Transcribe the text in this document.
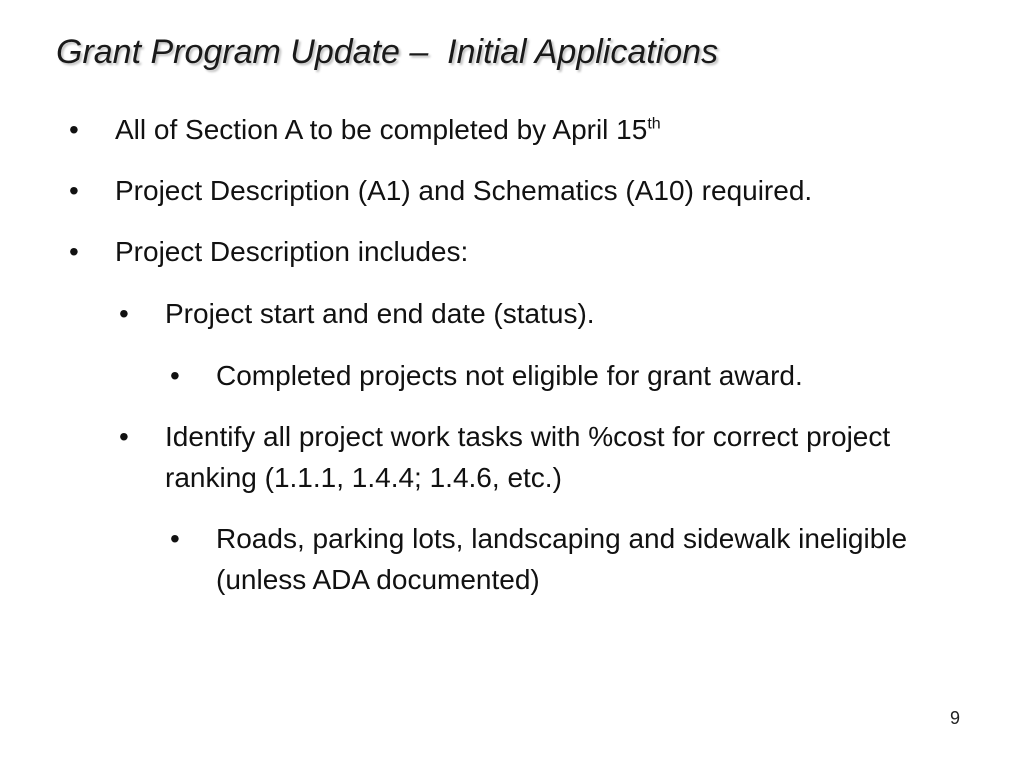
Grant Program Update –  Initial Applications
• All of Section A to be completed by April 15th
• Project Description (A1) and Schematics (A10) required.
• Project Description includes:
• Project start and end date (status).
• Completed projects not eligible for grant award.
• Identify all project work tasks with %cost for correct project ranking (1.1.1, 1.4.4; 1.4.6, etc.)
• Roads, parking lots, landscaping and sidewalk ineligible (unless ADA documented)
9
